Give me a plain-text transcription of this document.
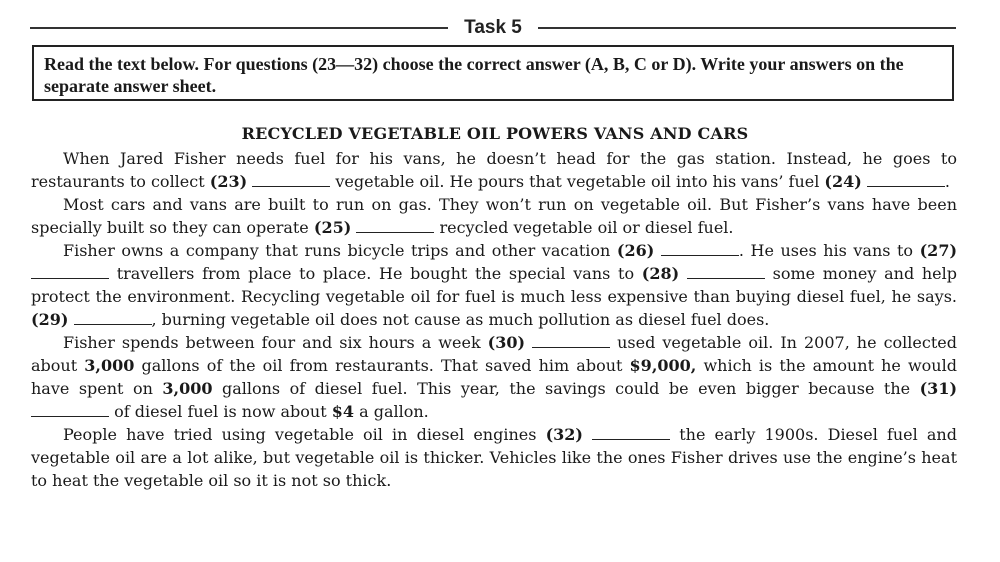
Task 5
Read the text below. For questions (23—32) choose the correct answer (A, B, C or D). Write your answers on the separate answer sheet.
RECYCLED VEGETABLE OIL POWERS VANS AND CARS

When Jared Fisher needs fuel for his vans, he doesn’t head for the gas station. Instead, he goes to restaurants to collect (23)	vegetable oil. He pours that vegetable oil into his vans’ fuel (24)	.

Most cars and vans are built to run on gas. They won’t run on vegetable oil. But Fisher’s vans have been specially built so they can operate (25)	recycled vegetable oil or diesel fuel.

Fisher owns a company that runs bicycle trips and other vacation (26)	. He uses his vans to (27)  travellers from place to place. He bought the special vans to (28)	some money and help protect the environment. Recycling vegetable oil for fuel is much less expensive than buying diesel fuel, he says. (29)	, burning vegetable oil does not cause as much pollution as diesel fuel does.

Fisher spends between four and six hours a week (30)	used vegetable oil. In 2007, he collected about 3,000 gallons of the oil from restaurants. That saved him about $9,000, which is the amount he would have spent on 3,000 gallons of diesel fuel. This year, the savings could be even bigger because the (31)  of diesel fuel is now about $4 a gallon.

People have tried using vegetable oil in diesel engines (32)	the early 1900s. Diesel fuel and vegetable oil are a lot alike, but vegetable oil is thicker. Vehicles like the ones Fisher drives use the engine’s heat to heat the vegetable oil so it is not so thick.
